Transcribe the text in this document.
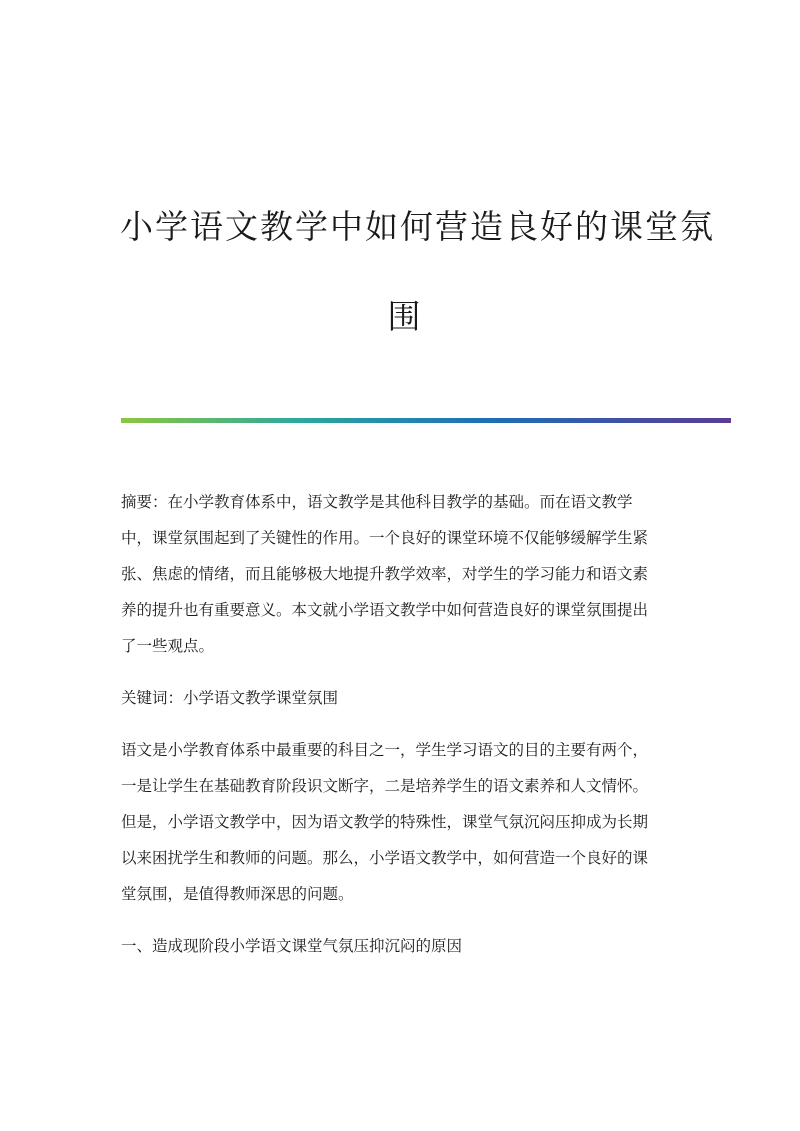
小学语文教学中如何营造良好的课堂氛
围

摘要：在小学教育体系中，语文教学是其他科目教学的基础。而在语文教学
中，课堂氛围起到了关键性的作用。一个良好的课堂环境不仅能够缓解学生紧
张、焦虑的情绪，而且能够极大地提升教学效率，对学生的学习能力和语文素
养的提升也有重要意义。本文就小学语文教学中如何营造良好的课堂氛围提出
了一些观点。

关键词：小学语文教学课堂氛围

语文是小学教育体系中最重要的科目之一，学生学习语文的目的主要有两个，
一是让学生在基础教育阶段识文断字，二是培养学生的语文素养和人文情怀。
但是，小学语文教学中，因为语文教学的特殊性，课堂气氛沉闷压抑成为长期
以来困扰学生和教师的问题。那么，小学语文教学中，如何营造一个良好的课
堂氛围，是值得教师深思的问题。

一、造成现阶段小学语文课堂气氛压抑沉闷的原因
